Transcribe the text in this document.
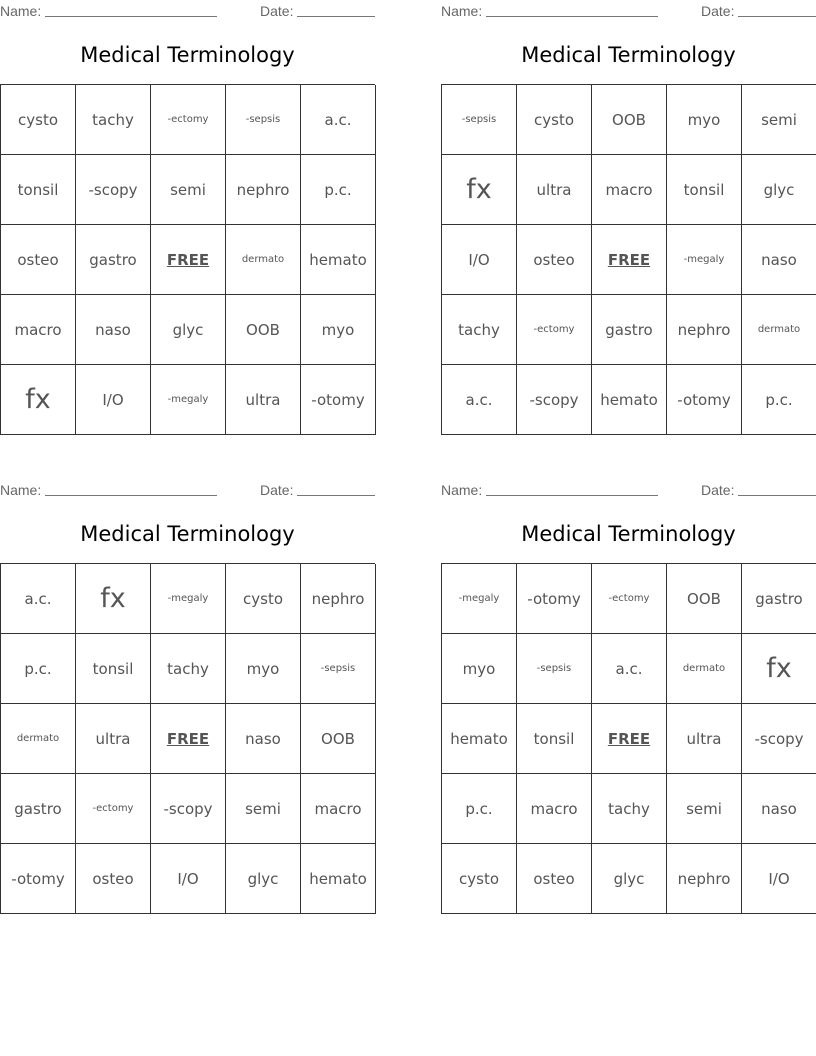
Name:	Date:
Medical Terminology
cysto	tachy	-ectomy	-sepsis	a.c.
tonsil	-scopy	semi	nephro	p.c.
osteo	gastro	FREE	dermato	hemato
macro	naso	glyc	OOB	myo
fx	I/O	-megaly	ultra	-otomy
Name:	Date:
Medical Terminology
-sepsis	cysto	OOB	myo	semi
fx	ultra	macro	tonsil	glyc
I/O	osteo	FREE	-megaly	naso
tachy	-ectomy	gastro	nephro	dermato
a.c.	-scopy	hemato	-otomy	p.c.
Name:	Date:
Medical Terminology
a.c.	fx	-megaly	cysto	nephro
p.c.	tonsil	tachy	myo	-sepsis
dermato	ultra	FREE	naso	OOB
gastro	-ectomy	-scopy	semi	macro
-otomy	osteo	I/O	glyc	hemato
Name:	Date:
Medical Terminology
-megaly	-otomy	-ectomy	OOB	gastro
myo	-sepsis	a.c.	dermato	fx
hemato	tonsil	FREE	ultra	-scopy
p.c.	macro	tachy	semi	naso
cysto	osteo	glyc	nephro	I/O
